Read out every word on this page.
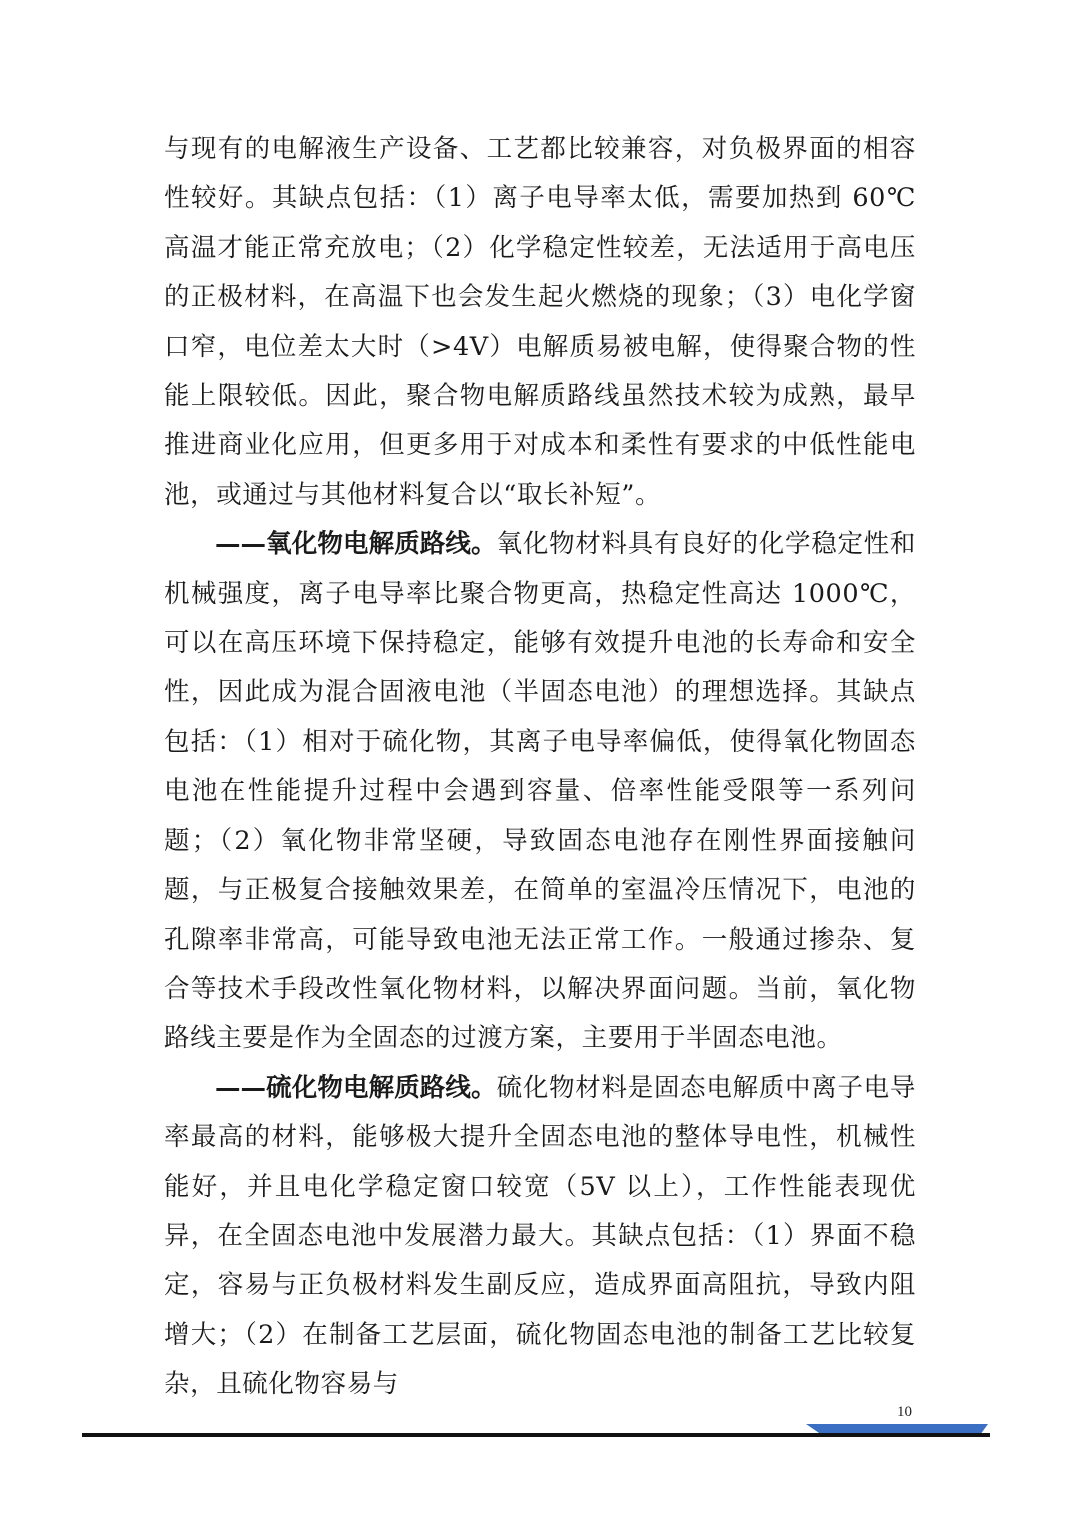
与现有的电解液生产设备、工艺都比较兼容，对负极界面的相容性较好。其缺点包括：（1）离子电导率太低，需要加热到 60℃高温才能正常充放电；（2）化学稳定性较差，无法适用于高电压的正极材料，在高温下也会发生起火燃烧的现象；（3）电化学窗口窄，电位差太大时（>4V）电解质易被电解，使得聚合物的性能上限较低。因此，聚合物电解质路线虽然技术较为成熟，最早推进商业化应用，但更多用于对成本和柔性有要求的中低性能电池，或通过与其他材料复合以“取长补短”。

——氧化物电解质路线。氧化物材料具有良好的化学稳定性和机械强度，离子电导率比聚合物更高，热稳定性高达 1000℃，可以在高压环境下保持稳定，能够有效提升电池的长寿命和安全性，因此成为混合固液电池（半固态电池）的理想选择。其缺点包括：（1）相对于硫化物，其离子电导率偏低，使得氧化物固态电池在性能提升过程中会遇到容量、倍率性能受限等一系列问题；（2）氧化物非常坚硬，导致固态电池存在刚性界面接触问题，与正极复合接触效果差，在简单的室温冷压情况下，电池的孔隙率非常高，可能导致电池无法正常工作。一般通过掺杂、复合等技术手段改性氧化物材料，以解决界面问题。当前，氧化物路线主要是作为全固态的过渡方案，主要用于半固态电池。

——硫化物电解质路线。硫化物材料是固态电解质中离子电导率最高的材料，能够极大提升全固态电池的整体导电性，机械性能好，并且电化学稳定窗口较宽（5V 以上），工作性能表现优异，在全固态电池中发展潜力最大。其缺点包括：（1）界面不稳定，容易与正负极材料发生副反应，造成界面高阻抗，导致内阻增大；（2）在制备工艺层面，硫化物固态电池的制备工艺比较复杂，且硫化物容易与

10
